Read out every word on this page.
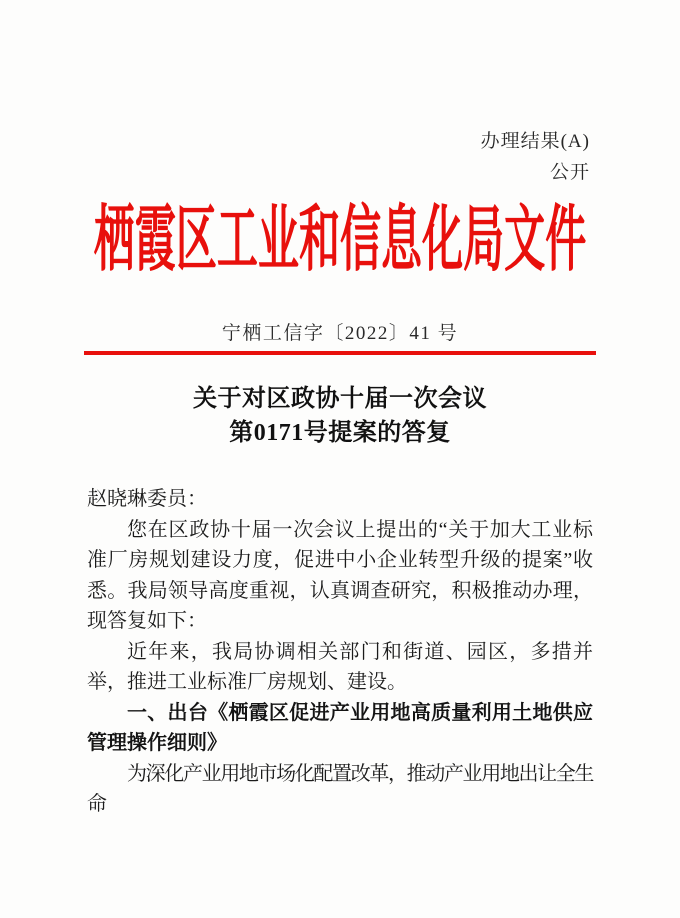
办理结果(A)
公开
栖霞区工业和信息化局文件
宁栖工信字〔2022〕41 号
关于对区政协十届一次会议
第0171号提案的答复

赵晓琳委员：

您在区政协十届一次会议上提出的“关于加大工业标准厂房规划建设力度，促进中小企业转型升级的提案”收悉。我局领导高度重视，认真调查研究，积极推动办理，现答复如下：

近年来，我局协调相关部门和街道、园区，多措并举，推进工业标准厂房规划、建设。

一、出台《栖霞区促进产业用地高质量利用土地供应管理操作细则》

为深化产业用地市场化配置改革，推动产业用地出让全生命
